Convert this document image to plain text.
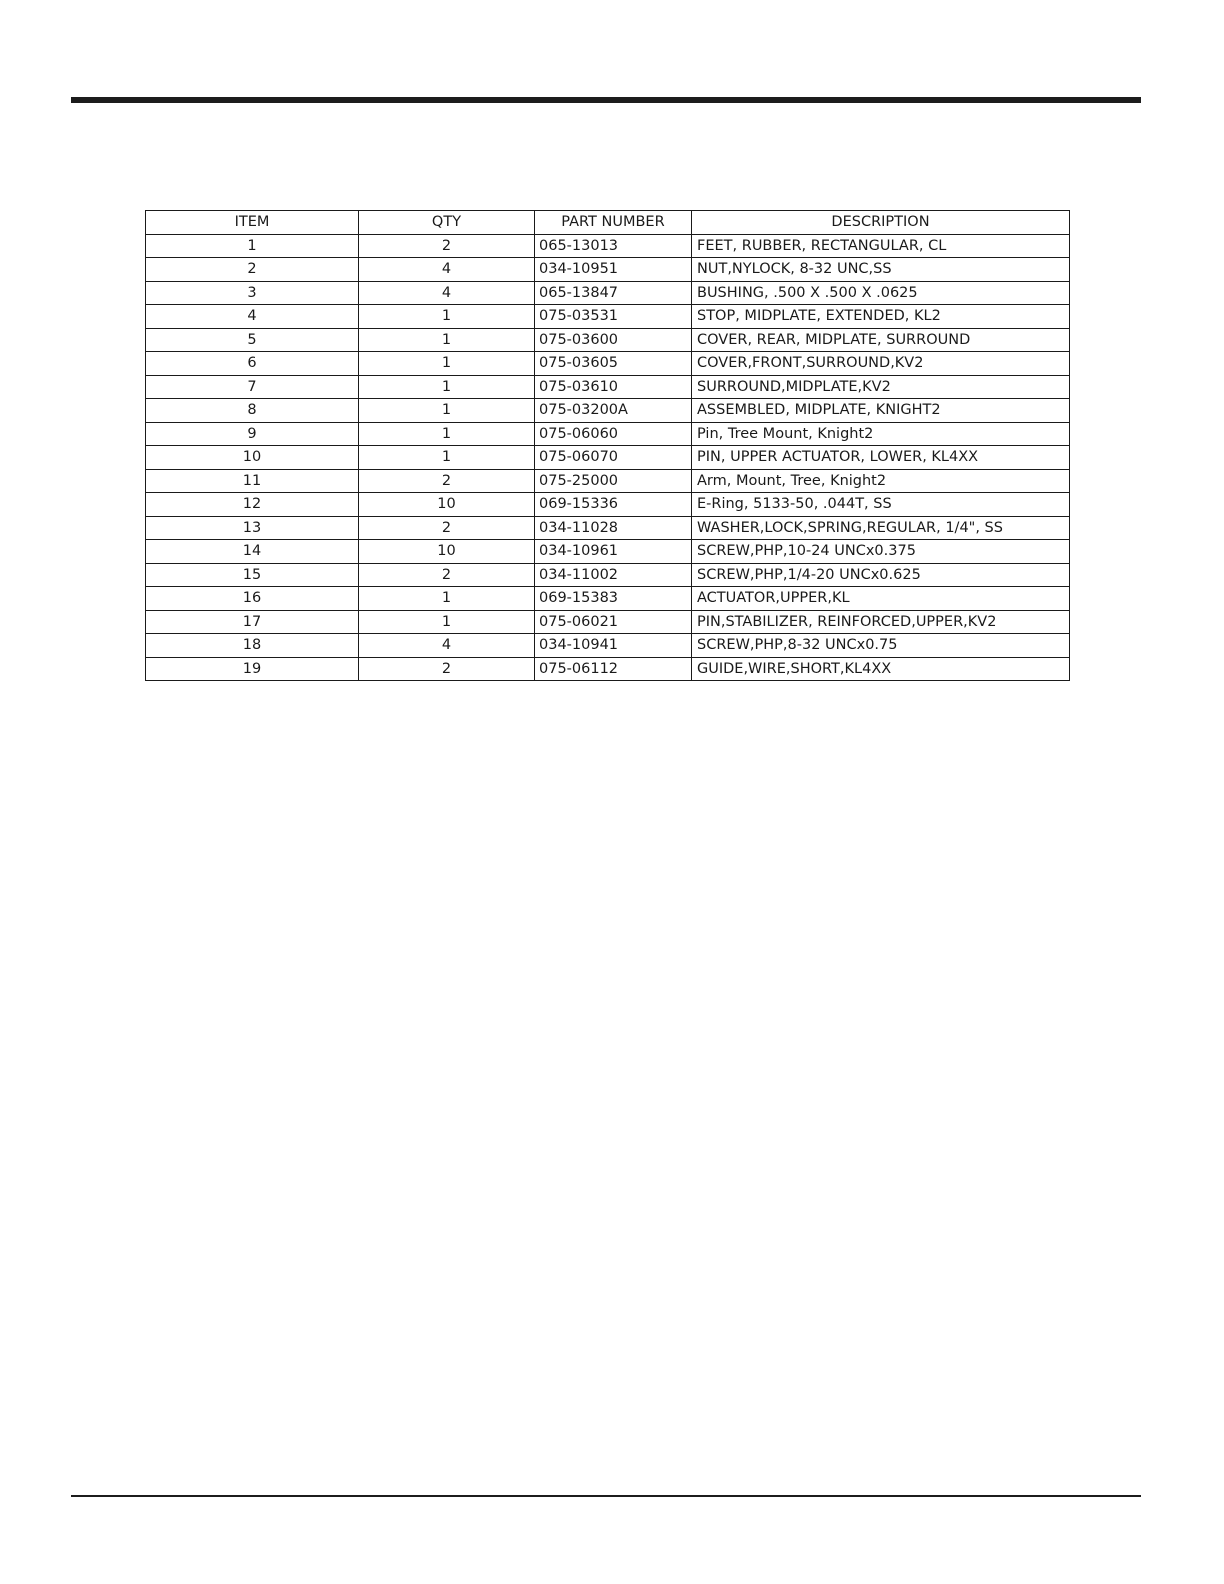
ITEM	QTY	PART NUMBER	DESCRIPTION
1	2	065-13013	FEET, RUBBER, RECTANGULAR, CL
2	4	034-10951	NUT,NYLOCK, 8-32 UNC,SS
3	4	065-13847	BUSHING, .500 X .500 X .0625
4	1	075-03531	STOP, MIDPLATE, EXTENDED, KL2
5	1	075-03600	COVER, REAR, MIDPLATE, SURROUND
6	1	075-03605	COVER,FRONT,SURROUND,KV2
7	1	075-03610	SURROUND,MIDPLATE,KV2
8	1	075-03200A	ASSEMBLED, MIDPLATE, KNIGHT2
9	1	075-06060	Pin, Tree Mount, Knight2
10	1	075-06070	PIN, UPPER ACTUATOR, LOWER, KL4XX
11	2	075-25000	Arm, Mount, Tree, Knight2
12	10	069-15336	E-Ring, 5133-50, .044T, SS
13	2	034-11028	WASHER,LOCK,SPRING,REGULAR, 1/4", SS
14	10	034-10961	SCREW,PHP,10-24 UNCx0.375
15	2	034-11002	SCREW,PHP,1/4-20 UNCx0.625
16	1	069-15383	ACTUATOR,UPPER,KL
17	1	075-06021	PIN,STABILIZER, REINFORCED,UPPER,KV2
18	4	034-10941	SCREW,PHP,8-32 UNCx0.75
19	2	075-06112	GUIDE,WIRE,SHORT,KL4XX
